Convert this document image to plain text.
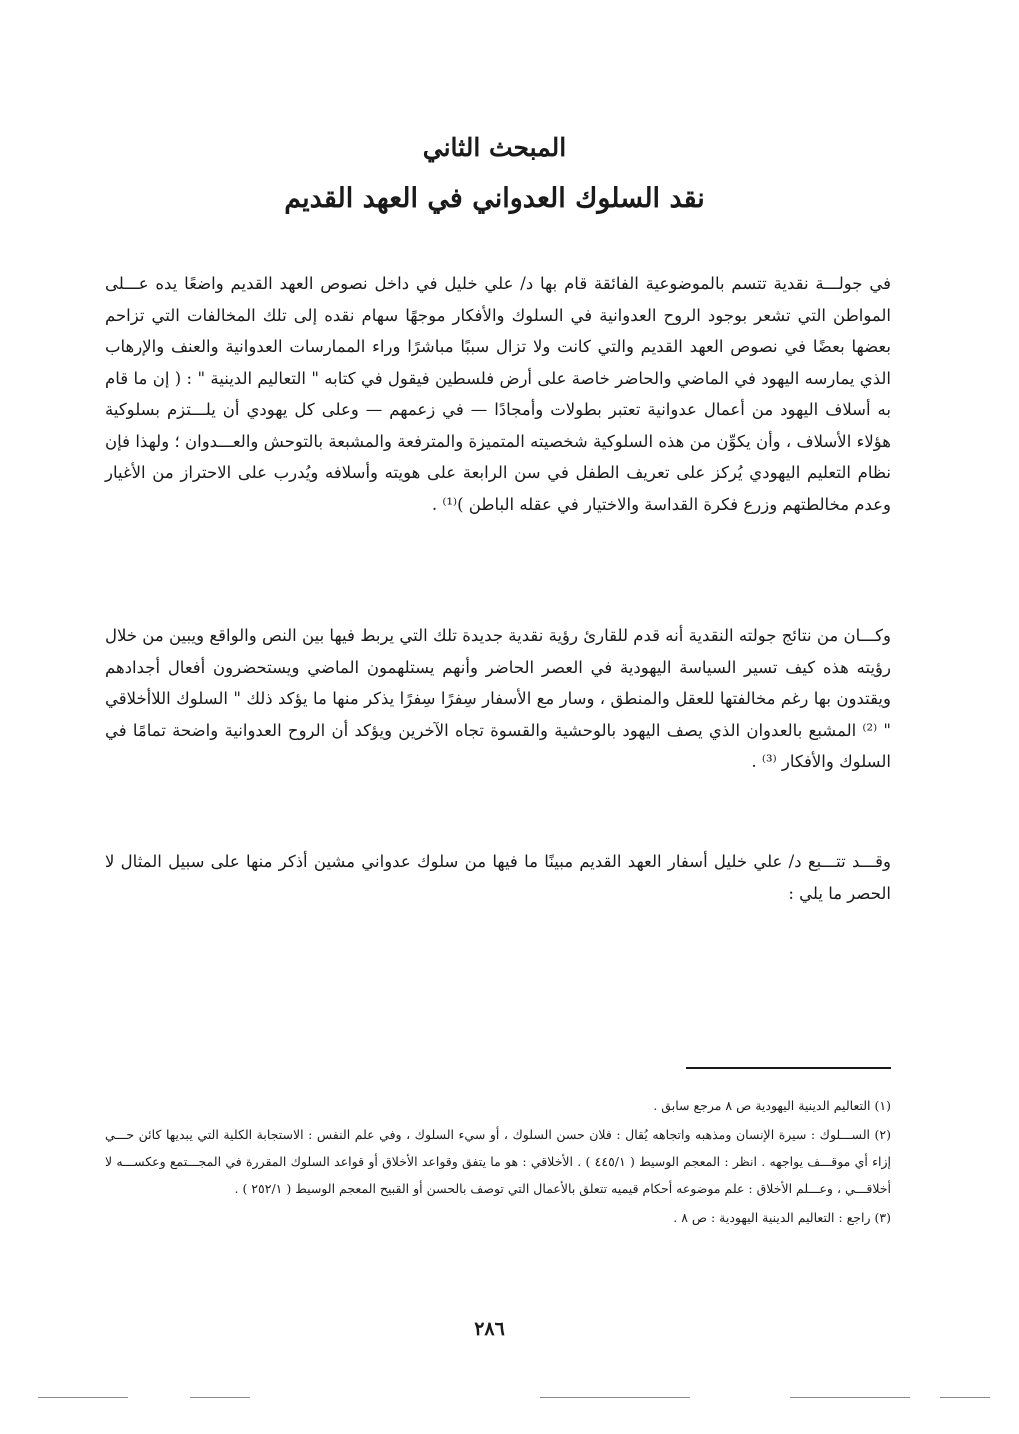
المبحث الثاني
نقد السلوك العدواني في العهد القديم

في جولـــة نقدية تتسم بالموضوعية الفائقة قام بها د/ علي خليل في داخل نصوص العهد القديم واضعًا يده عـــلى المواطن التي تشعر بوجود الروح العدوانية في السلوك والأفكار موجهًا سهام نقده إلى تلك المخالفات التي تزاحم بعضها بعضًا في نصوص العهد القديم والتي كانت ولا تزال سببًا مباشرًا وراء الممارسات العدوانية والعنف والإرهاب الذي يمارسه اليهود في الماضي والحاضر خاصة على أرض فلسطين فيقول في كتابه " التعاليم الدينية " : ( إن ما قام به أسلاف اليهود من أعمال عدوانية تعتبر بطولات وأمجادًا — في زعمهم — وعلى كل يهودي أن يلـــتزم بسلوكية هؤلاء الأسلاف ، وأن يكوِّن من هذه السلوكية شخصيته المتميزة والمترفعة والمشبعة بالتوحش والعـــدوان ؛ ولهذا فإن نظام التعليم اليهودي يُركز على تعريف الطفل في سن الرابعة على هويته وأسلافه ويُدرب على الاحتراز من الأغيار وعدم مخالطتهم وزرع فكرة القداسة والاختيار في عقله الباطن )⁽¹⁾ .

وكـــان من نتائج جولته النقدية أنه قدم للقارئ رؤية نقدية جديدة تلك التي يربط فيها بين النص والواقع ويبين من خلال رؤيته هذه كيف تسير السياسة اليهودية في العصر الحاضر وأنهم يستلهمون الماضي ويستحضرون أفعال أجدادهم ويقتدون بها رغم مخالفتها للعقل والمنطق ، وسار مع الأسفار سِفرًا سِفرًا يذكر منها ما يؤكد ذلك " السلوك اللاأخلاقي " ⁽²⁾ المشبع بالعدوان الذي يصف اليهود بالوحشية والقسوة تجاه الآخرين ويؤكد أن الروح العدوانية واضحة تمامًا في السلوك والأفكار ⁽³⁾ .

وقـــد تتـــبع د/ علي خليل أسفار العهد القديم مبينًا ما فيها من سلوك عدواني مشين أذكر منها على سبيل المثال لا الحصر ما يلي :

(١) التعاليم الدينية اليهودية ص ٨ مرجع سابق .

(٢) الســـلوك : سيرة الإنسان ومذهبه واتجاهه يُقال : فلان حسن السلوك ، أو سيء السلوك ، وفي علم النفس : الاستجابة الكلية التي يبديها كائن حـــي إزاء أي موقـــف يواجهه . انظر : المعجم الوسيط ( ٤٤٥/١ ) . الأخلاقي : هو ما يتفق وقواعد الأخلاق أو قواعد السلوك المقررة في المجـــتمع وعكســـه لا أخلاقـــي ، وعـــلم الأخلاق : علم موضوعه أحكام قيميه تتعلق بالأعمال التي توصف بالحسن أو القبيح المعجم الوسيط ( ٢٥٢/١ ) .

(٣) راجع : التعاليم الدينية اليهودية : ص ٨ .

٢٨٦
